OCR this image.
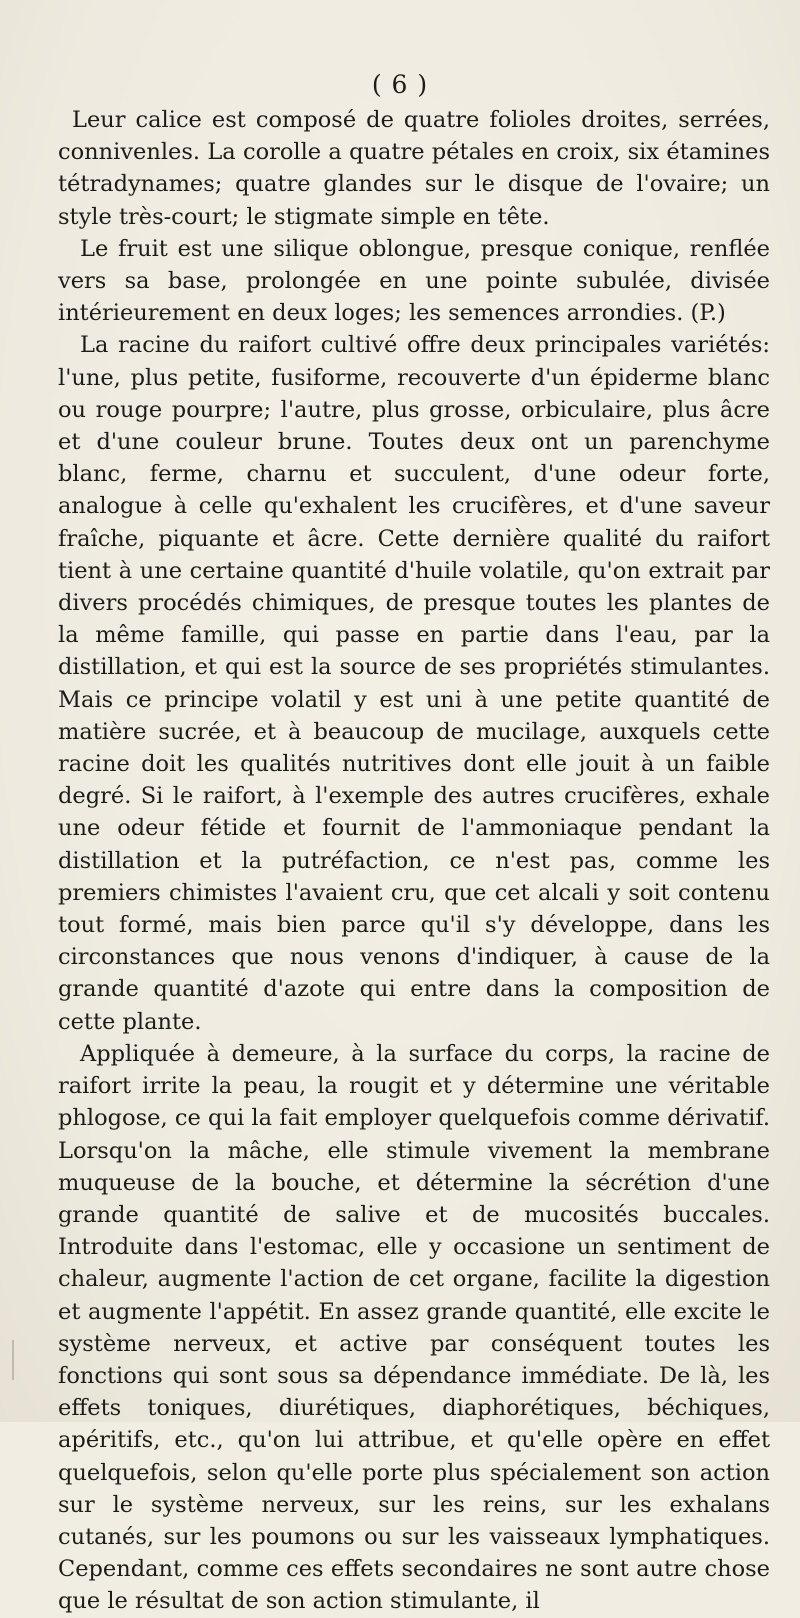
( 6 )

Leur calice est composé de quatre folioles droites, serrées, connivenles. La corolle a quatre pétales en croix, six étamines tétradynames; quatre glandes sur le disque de l'ovaire; un style très-court; le stigmate simple en tête.

Le fruit est une silique oblongue, presque conique, renflée vers sa base, prolongée en une pointe subulée, divisée intérieurement en deux loges; les semences arrondies. (P.)

La racine du raifort cultivé offre deux principales variétés: l'une, plus petite, fusiforme, recouverte d'un épiderme blanc ou rouge pourpre; l'autre, plus grosse, orbiculaire, plus âcre et d'une couleur brune. Toutes deux ont un parenchyme blanc, ferme, charnu et succulent, d'une odeur forte, analogue à celle qu'exhalent les crucifères, et d'une saveur fraîche, piquante et âcre. Cette dernière qualité du raifort tient à une certaine quantité d'huile volatile, qu'on extrait par divers procédés chimiques, de presque toutes les plantes de la même famille, qui passe en partie dans l'eau, par la distillation, et qui est la source de ses propriétés stimulantes. Mais ce principe volatil y est uni à une petite quantité de matière sucrée, et à beaucoup de mucilage, auxquels cette racine doit les qualités nutritives dont elle jouit à un faible degré. Si le raifort, à l'exemple des autres crucifères, exhale une odeur fétide et fournit de l'ammoniaque pendant la distillation et la putréfaction, ce n'est pas, comme les premiers chimistes l'avaient cru, que cet alcali y soit contenu tout formé, mais bien parce qu'il s'y développe, dans les circonstances que nous venons d'indiquer, à cause de la grande quantité d'azote qui entre dans la composition de cette plante.

Appliquée à demeure, à la surface du corps, la racine de raifort irrite la peau, la rougit et y détermine une véritable phlogose, ce qui la fait employer quelquefois comme dérivatif. Lorsqu'on la mâche, elle stimule vivement la membrane muqueuse de la bouche, et détermine la sécrétion d'une grande quantité de salive et de mucosités buccales. Introduite dans l'estomac, elle y occasione un sentiment de chaleur, augmente l'action de cet organe, facilite la digestion et augmente l'appétit. En assez grande quantité, elle excite le système nerveux, et active par conséquent toutes les fonctions qui sont sous sa dépendance immédiate. De là, les effets toniques, diurétiques, diaphorétiques, béchiques, apéritifs, etc., qu'on lui attribue, et qu'elle opère en effet quelquefois, selon qu'elle porte plus spécialement son action sur le système nerveux, sur les reins, sur les exhalans cutanés, sur les poumons ou sur les vaisseaux lymphatiques. Cependant, comme ces effets secondaires ne sont autre chose que le résultat de son action stimulante, il
